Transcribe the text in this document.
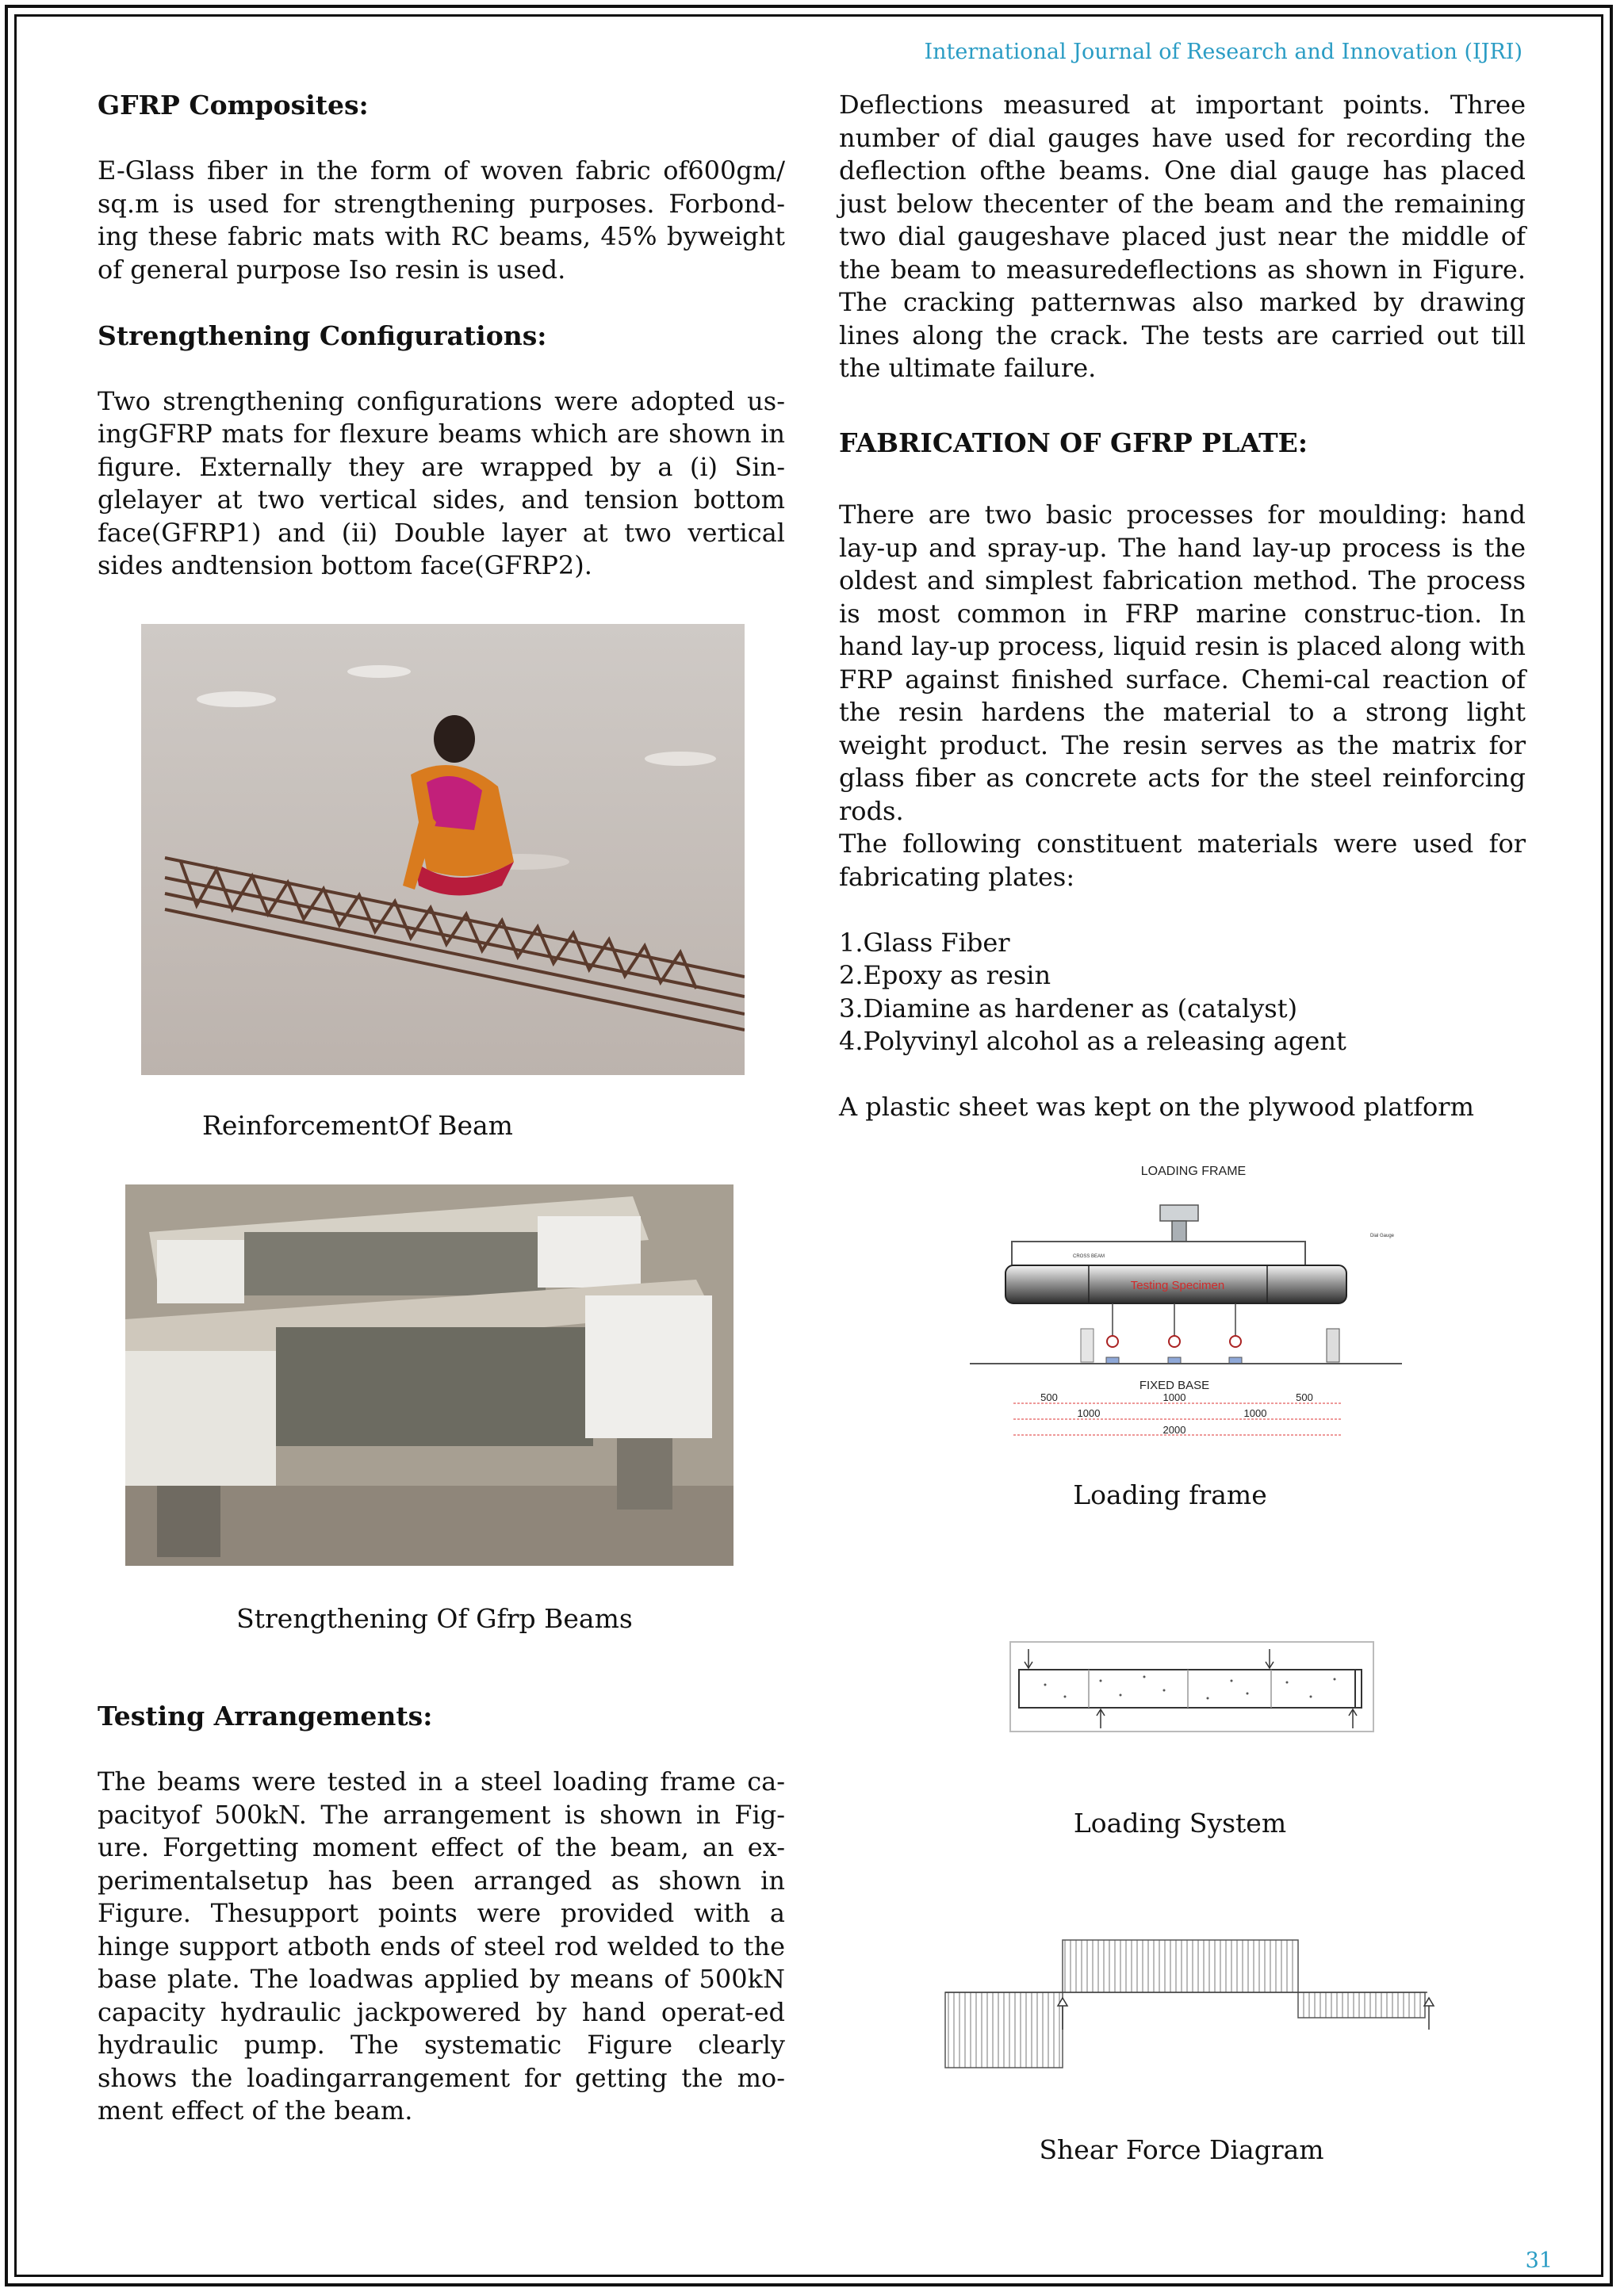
International Journal of Research and Innovation (IJRI)
GFRP Composites:

E-Glass fiber in the form of woven fabric of600gm/ sq.m is used for strengthening purposes. Forbond-ing these fabric mats with RC beams, 45% byweight of general purpose Iso resin is used.

Strengthening Configurations:

Two strengthening configurations were adopted us-ingGFRP mats for flexure beams which are shown in figure. Externally they are wrapped by a (i) Sin-glelayer at two vertical sides, and tension bottom face(GFRP1) and (ii) Double layer at two vertical sides andtension bottom face(GFRP2).

ReinforcementOf Beam
Strengthening Of Gfrp Beams
Testing Arrangements:

The beams were tested in a steel loading frame ca-pacityof 500kN. The arrangement is shown in Fig-ure. Forgetting moment effect of the beam, an ex-perimentalsetup has been arranged as shown in Figure. Thesupport points were provided with a hinge support atboth ends of steel rod welded to the base plate. The loadwas applied by means of 500kN capacity hydraulic jackpowered by hand operat-ed hydraulic pump. The systematic Figure clearly shows the loadingarrangement for getting the mo-ment effect of the beam.

Deflections measured at important points. Three number of dial gauges have used for recording the deflection ofthe beams. One dial gauge has placed just below thecenter of the beam and the remaining two dial gaugeshave placed just near the middle of the beam to measuredeflections as shown in Figure. The cracking patternwas also marked by drawing lines along the crack. The tests are carried out till the ultimate failure.

FABRICATION OF GFRP PLATE:

There are two basic processes for moulding: hand lay-up and spray-up. The hand lay-up process is the oldest and simplest fabrication method. The process is most common in FRP marine construc-tion. In hand lay-up process, liquid resin is placed along with FRP against finished surface. Chemi-cal reaction of the resin hardens the material to a strong light weight product. The resin serves as the matrix for glass fiber as concrete acts for the steel reinforcing rods.

The following constituent materials were used for fabricating plates:

1.Glass Fiber
2.Epoxy as resin
3.Diamine as hardener as (catalyst)
4.Polyvinyl alcohol as a releasing agent

A plastic sheet was kept on the plywood platform

LOADING FRAME
CROSS BEAM
Dial Gauge
Testing Specimen
FIXED BASE
500	1000	500
1000	1000
2000
Loading frame
Loading System
Shear Force Diagram
31
